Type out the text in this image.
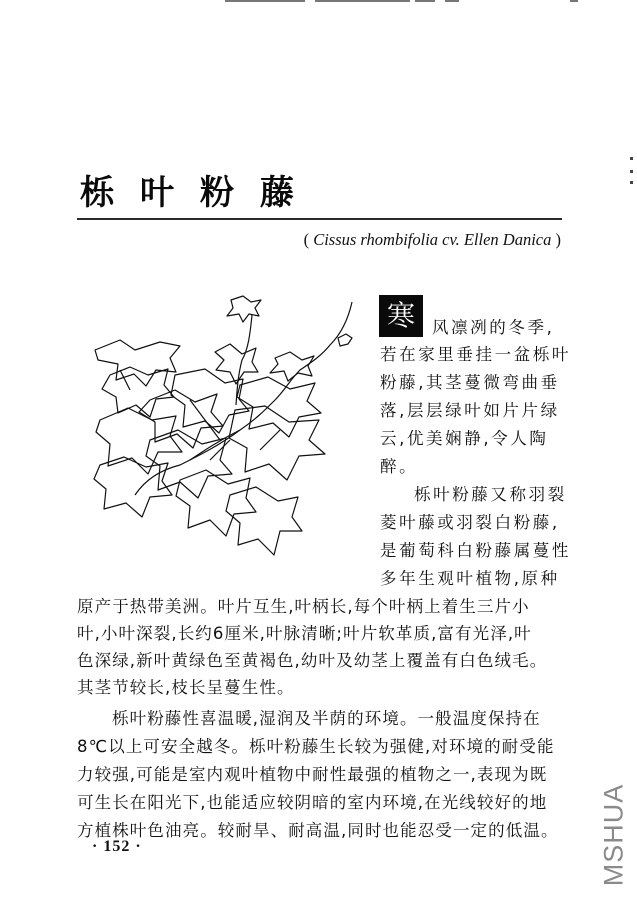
栎叶粉藤
( Cissus rhombifolia cv. Ellen Danica )
寒	风凛冽的冬季,
若在家里垂挂一盆栎叶
粉藤,其茎蔓微弯曲垂
落,层层绿叶如片片绿
云,优美娴静,令人陶
醉。
栎叶粉藤又称羽裂
菱叶藤或羽裂白粉藤,
是葡萄科白粉藤属蔓性
多年生观叶植物,原种
原产于热带美洲。叶片互生,叶柄长,每个叶柄上着生三片小
叶,小叶深裂,长约6厘米,叶脉清晰;叶片软革质,富有光泽,叶
色深绿,新叶黄绿色至黄褐色,幼叶及幼茎上覆盖有白色绒毛。
其茎节较长,枝长呈蔓生性。
栎叶粉藤性喜温暖,湿润及半荫的环境。一般温度保持在
8℃以上可安全越冬。栎叶粉藤生长较为强健,对环境的耐受能
力较强,可能是室内观叶植物中耐性最强的植物之一,表现为既
可生长在阳光下,也能适应较阴暗的室内环境,在光线较好的地
方植株叶色油亮。较耐旱、耐高温,同时也能忍受一定的低温。
· 152 ·	MSHUA
